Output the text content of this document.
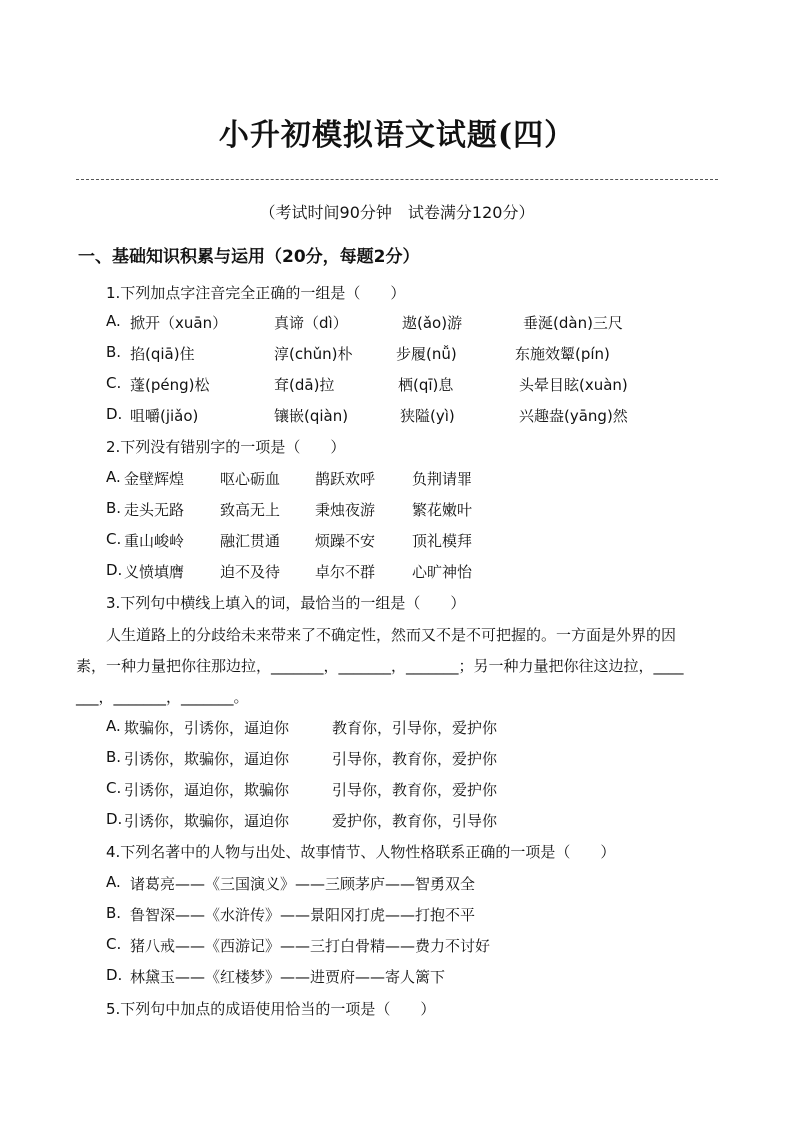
小升初模拟语文试题(四）
（考试时间90分钟　试卷满分120分）
一、基础知识积累与运用（20分，每题2分）
1.下列加点字注音完全正确的一组是（　　）
A. 掀开（xuān）	真谛（dì）	遨(ǎo)游	垂涎(dàn)三尺
B. 掐(qiā)住	淳(chǔn)朴	步履(nǚ)	东施效颦(pín)
C. 蓬(péng)松	耷(dā)拉	栖(qī)息	头晕目眩(xuàn)
D. 咀嚼(jiǎo)	镶嵌(qiàn)	狭隘(yì)	兴趣盎(yāng)然
2.下列没有错别字的一项是（　　）
A. 金壁辉煌 呕心砺血 鹊跃欢呼 负荆请罪
B. 走头无路 致高无上 秉烛夜游 繁花嫩叶
C. 重山峻岭 融汇贯通 烦躁不安 顶礼模拜
D. 义愤填膺 迫不及待 卓尔不群 心旷神怡
3.下列句中横线上填入的词，最恰当的一组是（　　）
人生道路上的分歧给未来带来了不确定性，然而又不是不可把握的。一方面是外界的因
素，一种力量把你往那边拉，_______，_______，_______；另一种力量把你往这边拉，____
___，_______，_______。
A. 欺骗你，引诱你，逼迫你	教育你，引导你，爱护你
B. 引诱你，欺骗你，逼迫你	引导你，教育你，爱护你
C. 引诱你，逼迫你，欺骗你	引导你，教育你，爱护你
D. 引诱你，欺骗你，逼迫你	爱护你，教育你，引导你
4.下列名著中的人物与出处、故事情节、人物性格联系正确的一项是（　　）
A. 诸葛亮——《三国演义》——三顾茅庐——智勇双全
B. 鲁智深——《水浒传》——景阳冈打虎——打抱不平
C. 猪八戒——《西游记》——三打白骨精——费力不讨好
D. 林黛玉——《红楼梦》——进贾府——寄人篱下
5.下列句中加点的成语使用恰当的一项是（　　）
